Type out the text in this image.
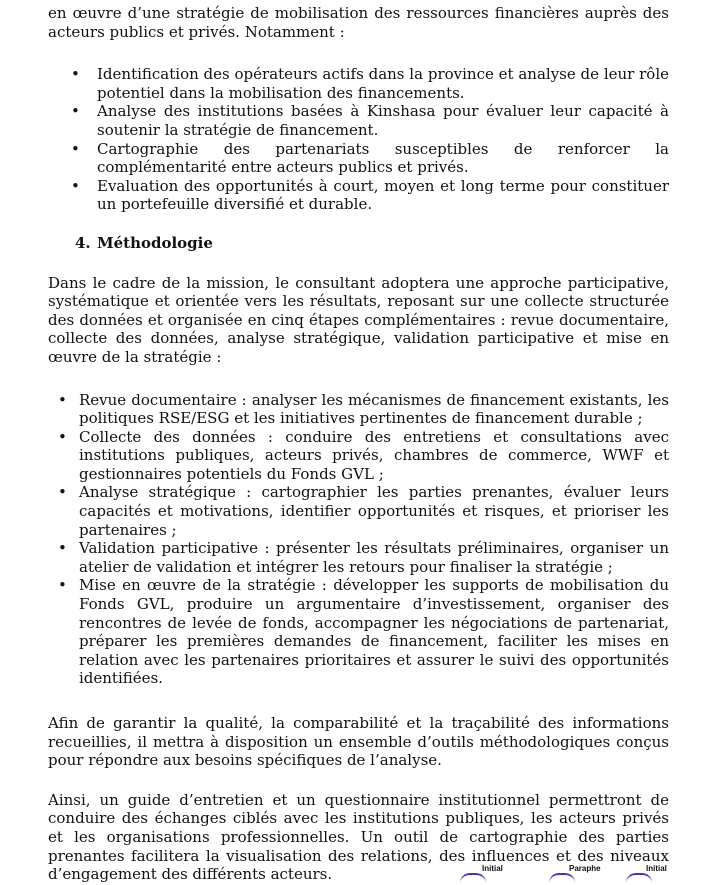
en œuvre d’une stratégie de mobilisation des ressources financières auprès des acteurs publics et privés. Notamment :

• Identification des opérateurs actifs dans la province et analyse de leur rôle potentiel dans la mobilisation des financements.
• Analyse des institutions basées à Kinshasa pour évaluer leur capacité à soutenir la stratégie de financement.
• Cartographie des partenariats susceptibles de renforcer la complémentarité entre acteurs publics et privés.
• Evaluation des opportunités à court, moyen et long terme pour constituer un portefeuille diversifié et durable.

4. Méthodologie

Dans le cadre de la mission, le consultant adoptera une approche participative, systématique et orientée vers les résultats, reposant sur une collecte structurée des données et organisée en cinq étapes complémentaires : revue documentaire, collecte des données, analyse stratégique, validation participative et mise en œuvre de la stratégie :

• Revue documentaire : analyser les mécanismes de financement existants, les politiques RSE/ESG et les initiatives pertinentes de financement durable ;
• Collecte des données : conduire des entretiens et consultations avec institutions publiques, acteurs privés, chambres de commerce, WWF et gestionnaires potentiels du Fonds GVL ;
• Analyse stratégique : cartographier les parties prenantes, évaluer leurs capacités et motivations, identifier opportunités et risques, et prioriser les partenaires ;
• Validation participative : présenter les résultats préliminaires, organiser un atelier de validation et intégrer les retours pour finaliser la stratégie ;
• Mise en œuvre de la stratégie : développer les supports de mobilisation du Fonds GVL, produire un argumentaire d’investissement, organiser des rencontres de levée de fonds, accompagner les négociations de partenariat, préparer les premières demandes de financement, faciliter les mises en relation avec les partenaires prioritaires et assurer le suivi des opportunités identifiées.

Afin de garantir la qualité, la comparabilité et la traçabilité des informations recueillies, il mettra à disposition un ensemble d’outils méthodologiques conçus pour répondre aux besoins spécifiques de l’analyse.

Ainsi, un guide d’entretien et un questionnaire institutionnel permettront de conduire des échanges ciblés avec les institutions publiques, les acteurs privés et les organisations professionnelles. Un outil de cartographie des parties prenantes facilitera la visualisation des relations, des influences et des niveaux d’engagement des différents acteurs.	Initial	Paraphe	Initial
